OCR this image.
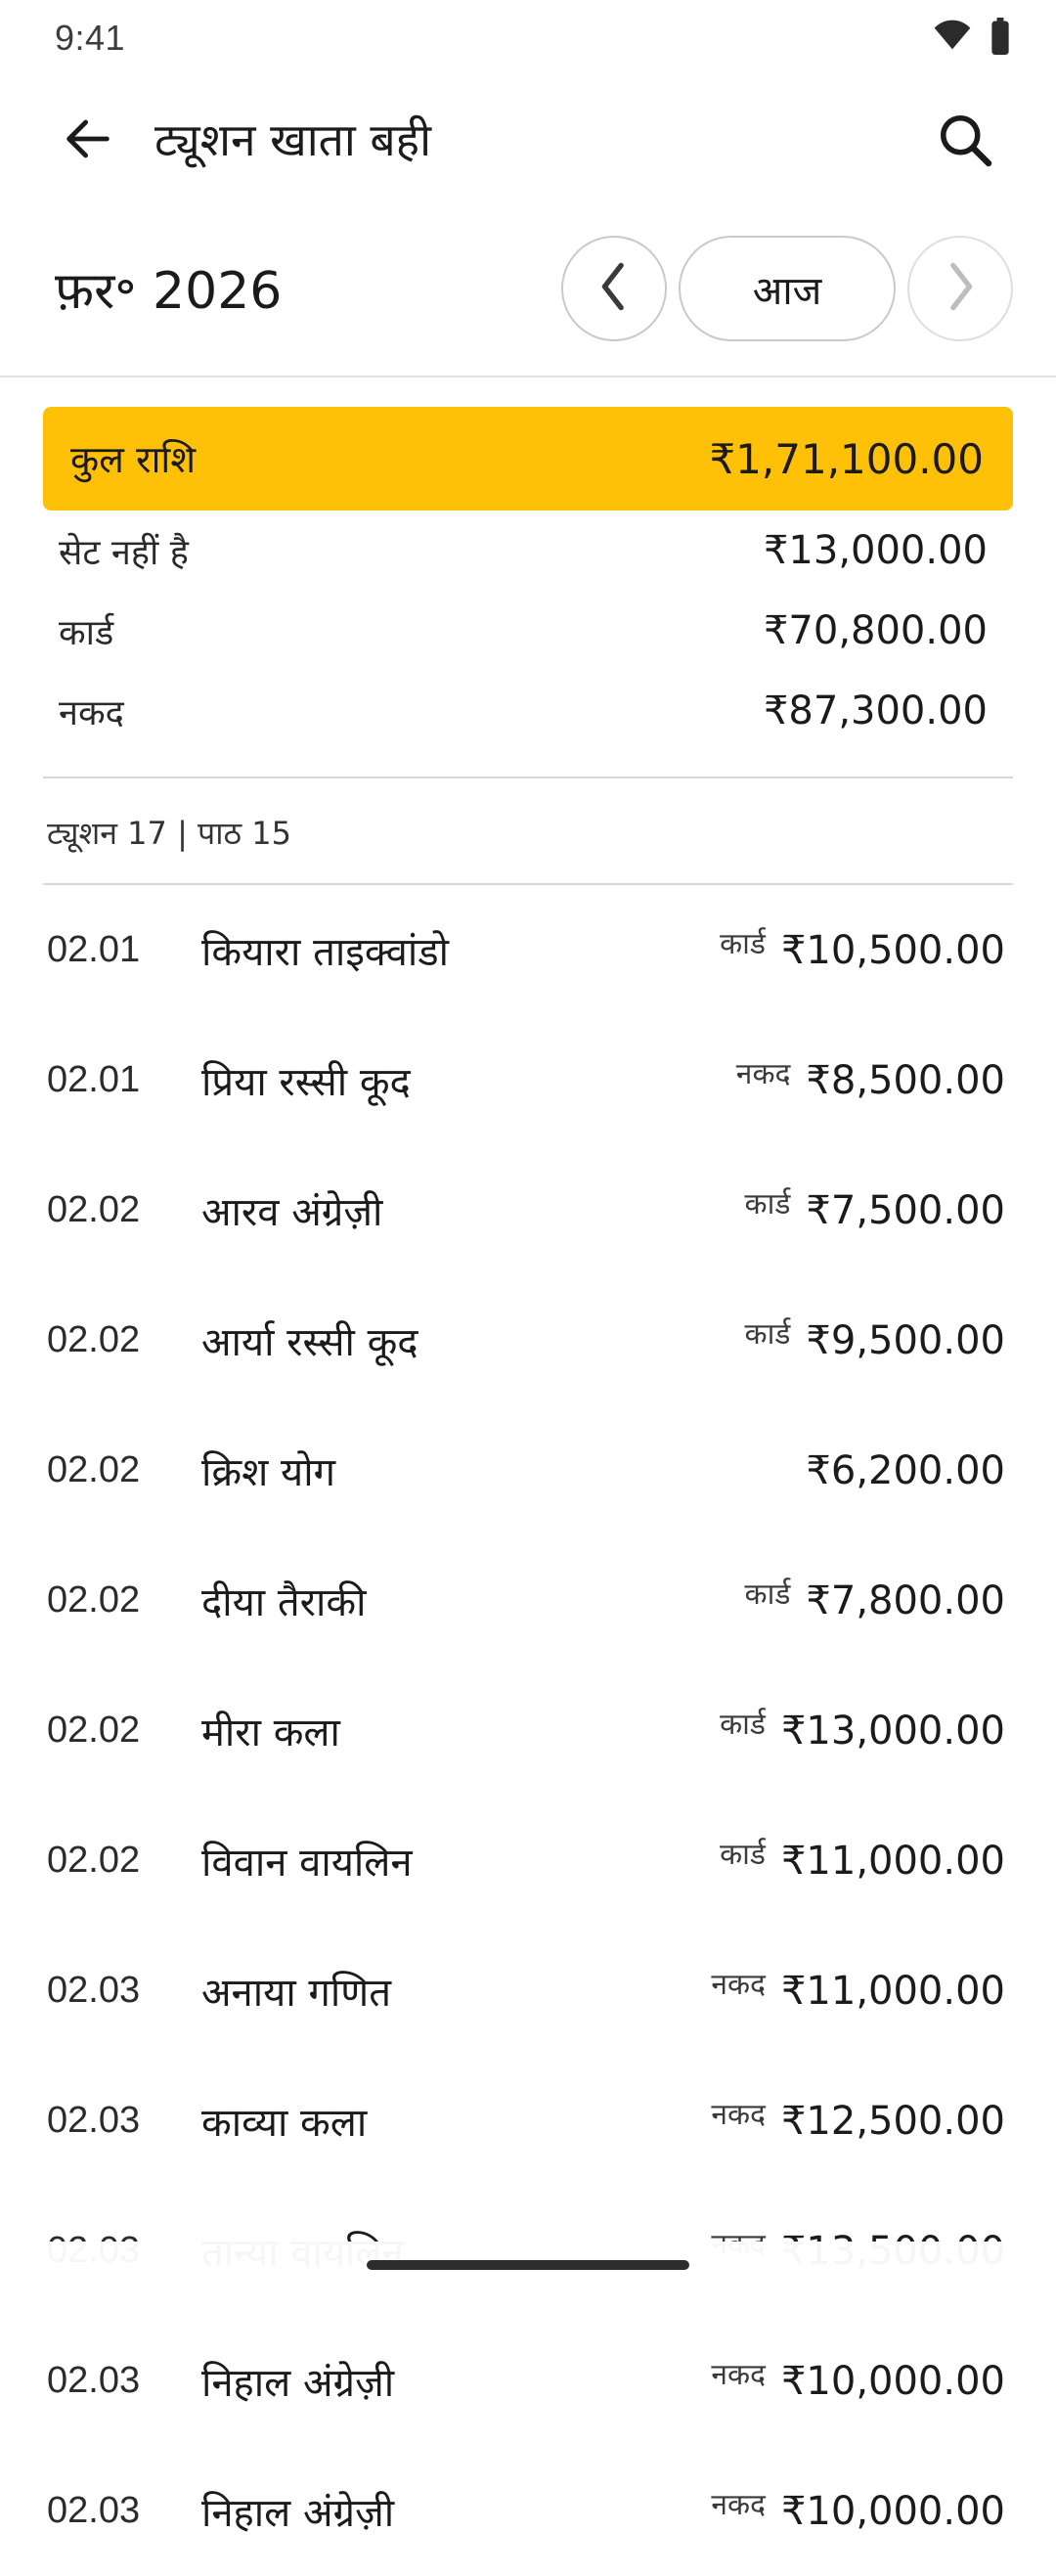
9:41
ट्यूशन खाता बही
फ़र॰ 2026	आज
कुल राशि	₹1,71,100.00
सेट नहीं है	₹13,000.00
कार्ड	₹70,800.00
नकद	₹87,300.00
ट्यूशन 17 | पाठ 15
02.01	कियारा ताइक्वांडो	कार्ड ₹10,500.00
02.01	प्रिया रस्सी कूद	नकद ₹8,500.00
02.02	आरव अंग्रेज़ी	कार्ड ₹7,500.00
02.02	आर्या रस्सी कूद	कार्ड ₹9,500.00
02.02	क्रिश योग	₹6,200.00
02.02	दीया तैराकी	कार्ड ₹7,800.00
02.02	मीरा कला	कार्ड ₹13,000.00
02.02	विवान वायलिन	कार्ड ₹11,000.00
02.03	अनाया गणित	नकद ₹11,000.00
02.03	काव्या कला	नकद ₹12,500.00
02.03	निहाल अंग्रेज़ी	नकद ₹10,000.00
02.03	निहाल अंग्रेज़ी	नकद ₹10,000.00
